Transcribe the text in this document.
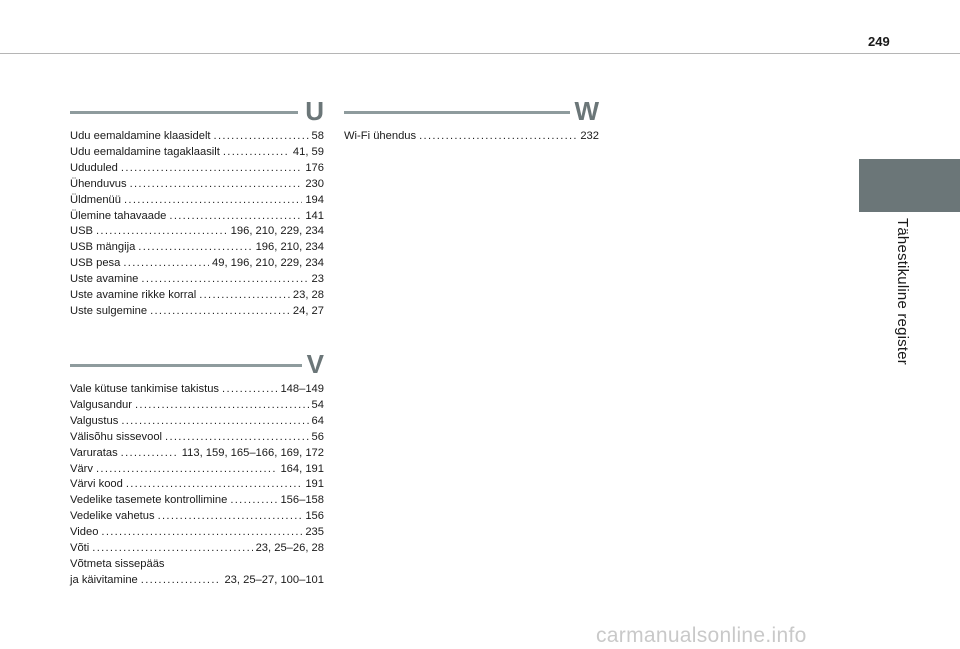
249
Tähestikuline register
U
Udu eemaldamine klaasidelt .....	58
Udu eemaldamine tagaklaasilt .....	41, 59
Ududuled .....	176
Ühenduvus .....	230
Üldmenüü .....	194
Ülemine tahavaade .....	141
USB .....	196, 210, 229, 234
USB mängija .....	196, 210, 234
USB pesa .....	49, 196, 210, 229, 234
Uste avamine .....	23
Uste avamine rikke korral .....	23, 28
Uste sulgemine .....	24, 27
V
Vale kütuse tankimise takistus .....	148–149
Valgusandur .....	54
Valgustus .....	64
Välisõhu sissevool .....	56
Varuratas .....	113, 159, 165–166, 169, 172
Värv .....	164, 191
Värvi kood .....	191
Vedelike tasemete kontrollimine .....	156–158
Vedelike vahetus .....	156
Video .....	235
Võti .....	23, 25–26, 28
Võtmeta sissepääs
ja käivitamine .....	23, 25–27, 100–101
W
Wi-Fi ühendus .....	232
carmanualsonline.info
